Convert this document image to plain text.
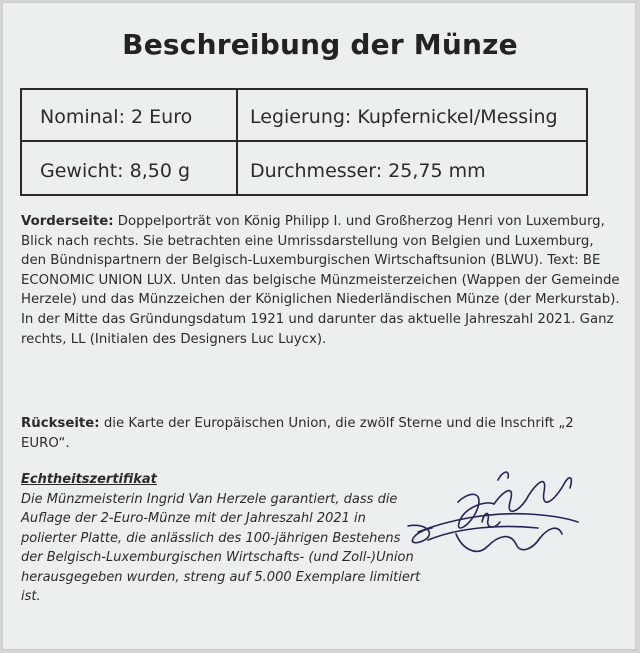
Beschreibung der Münze
Nominal: 2 Euro	Legierung: Kupfernickel/Messing
Gewicht: 8,50 g	Durchmesser: 25,75 mm
Vorderseite: Doppelporträt von König Philipp I. und Großherzog Henri von Luxemburg, Blick nach rechts. Sie betrachten eine Umrissdarstellung von Belgien und Luxemburg, den Bündnispartnern der Belgisch-Luxemburgischen Wirtschaftsunion (BLWU). Text: BE ECONOMIC UNION LUX. Unten das belgische Münzmeisterzeichen (Wappen der Gemeinde Herzele) und das Münzzeichen der Königlichen Niederländischen Münze (der Merkurstab). In der Mitte das Gründungsdatum 1921 und darunter das aktuelle Jahreszahl 2021. Ganz rechts, LL (Initialen des Designers Luc Luycx).
Rückseite: die Karte der Europäischen Union, die zwölf Sterne und die Inschrift „2 EURO“.
Echtheitszertifikat
Die Münzmeisterin Ingrid Van Herzele garantiert, dass die Auflage der 2-Euro-Münze mit der Jahreszahl 2021 in polierter Platte, die anlässlich des 100-jährigen Bestehens der Belgisch-Luxemburgischen Wirtschafts- (und Zoll-)Union herausgegeben wurden, streng auf 5.000 Exemplare limitiert ist.
